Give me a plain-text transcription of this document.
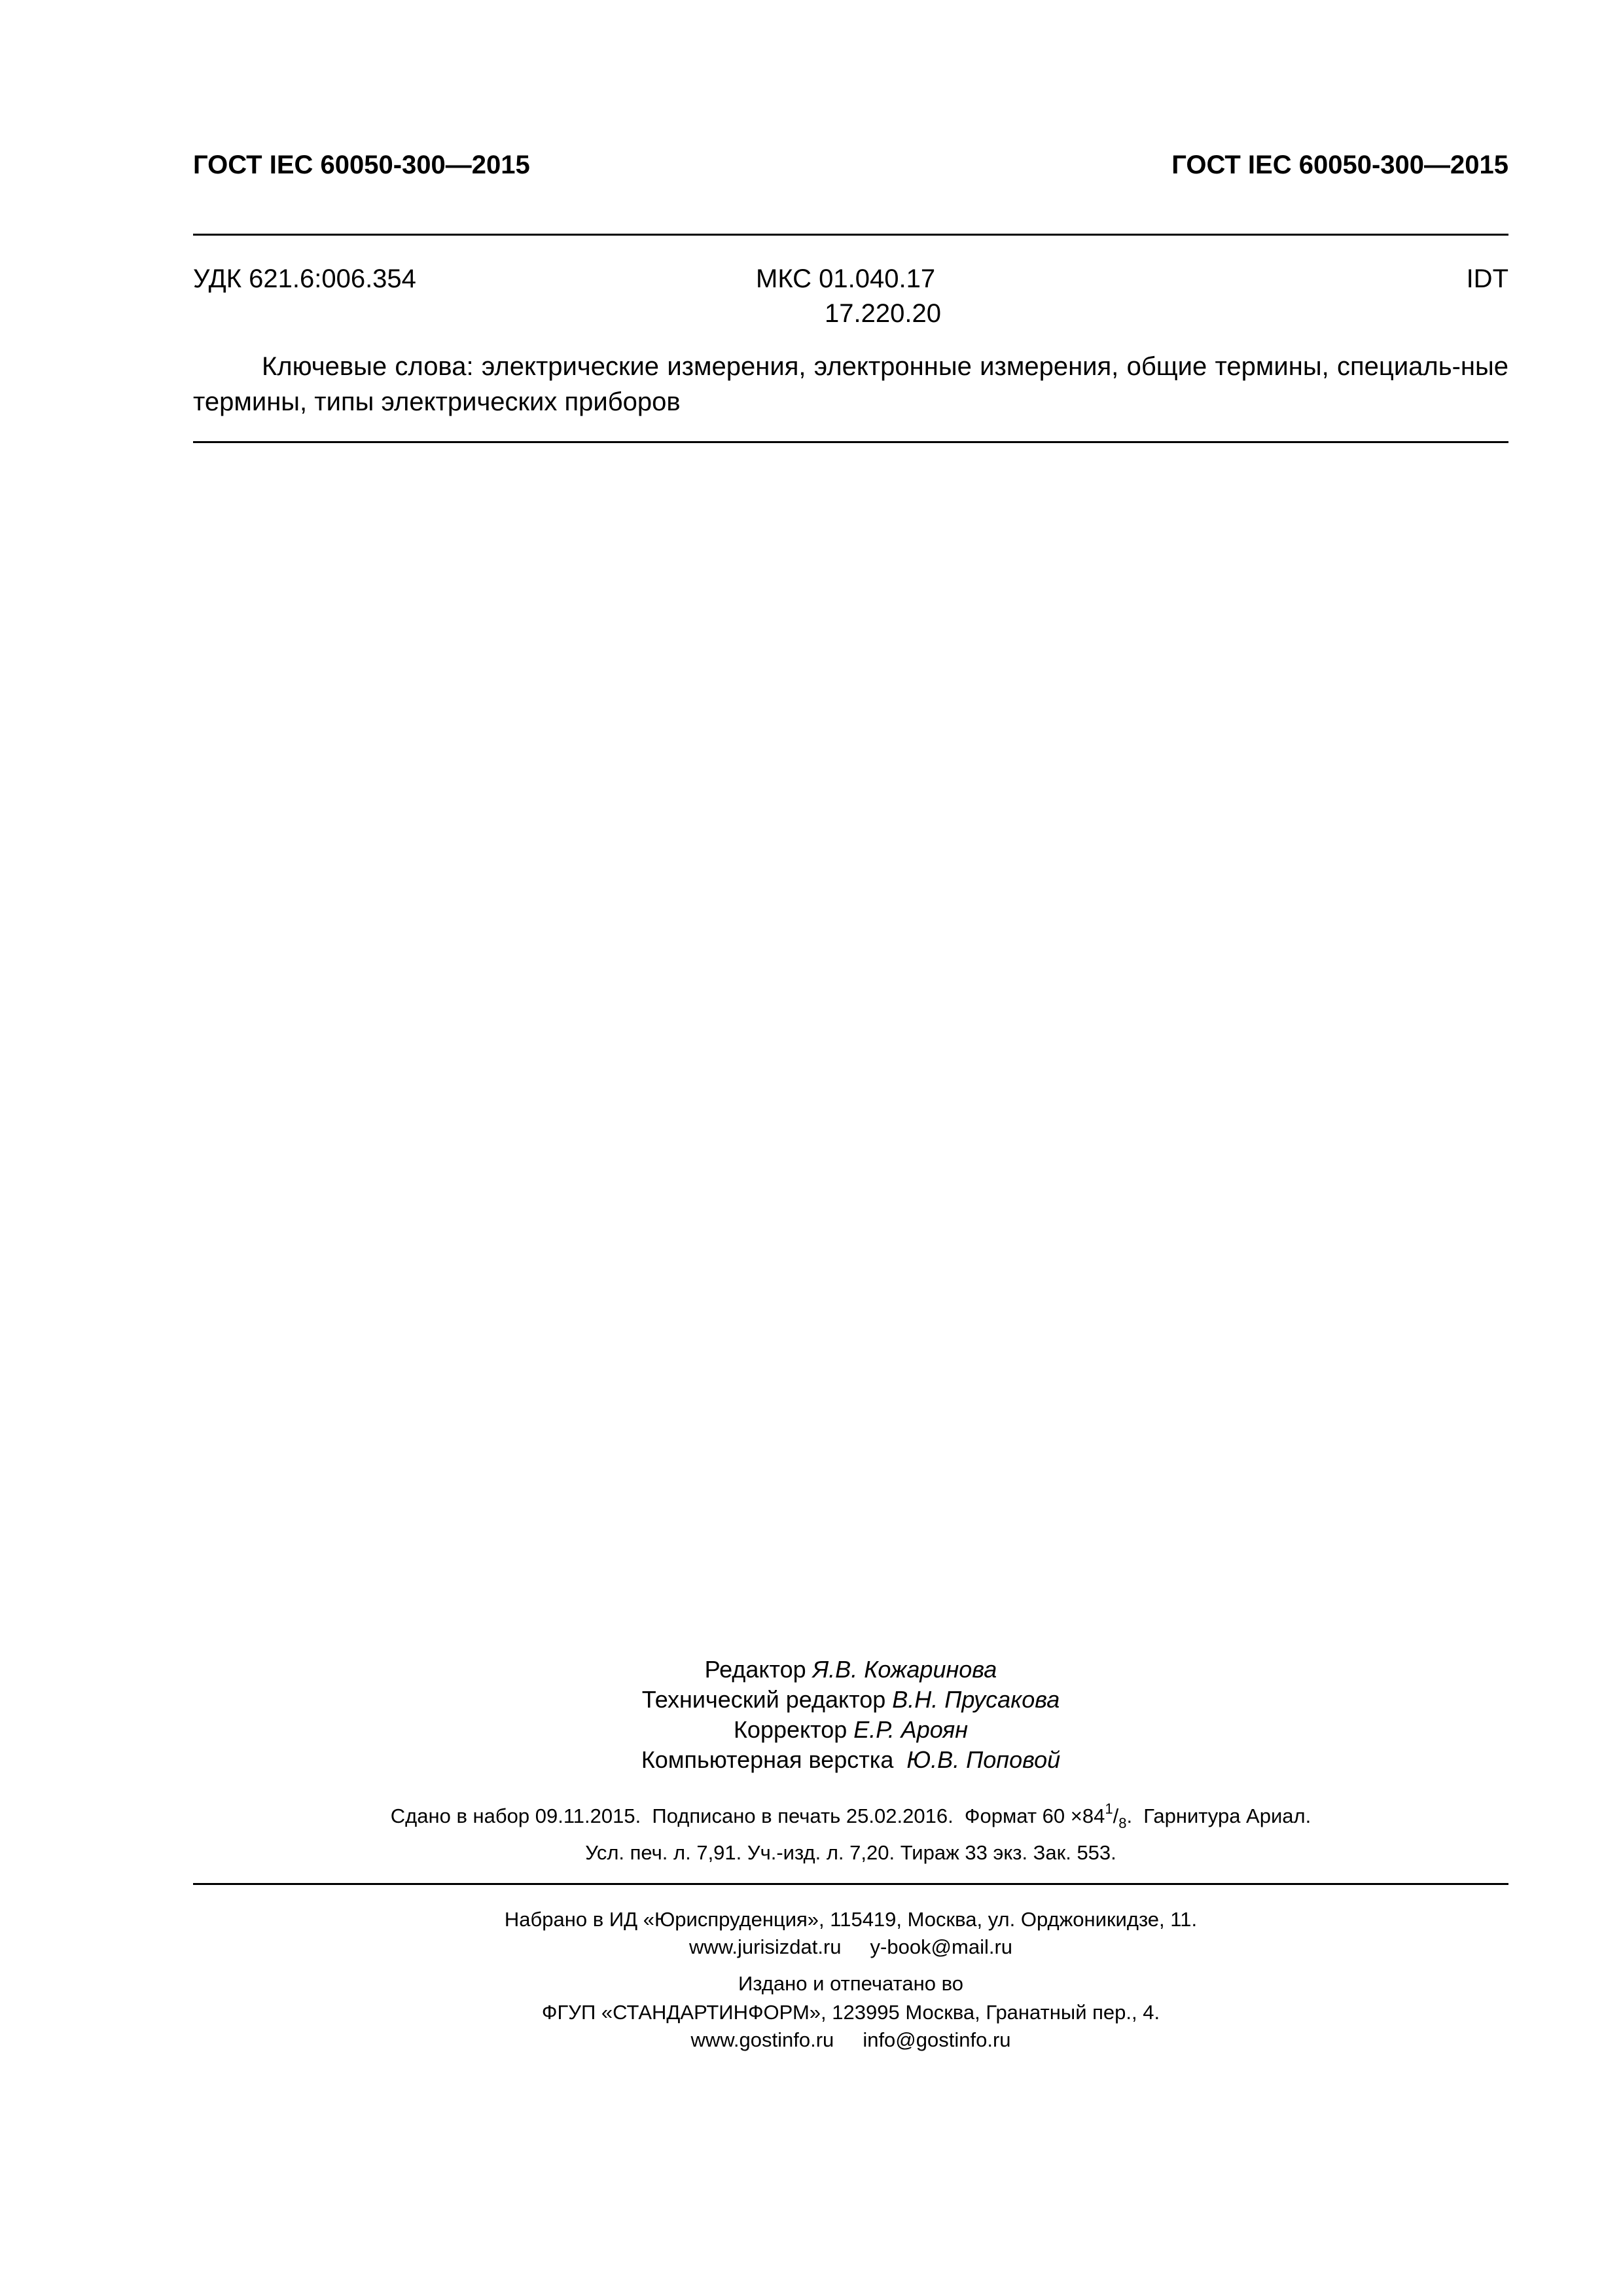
ГОСТ IEC 60050-300—2015	ГОСТ IEC 60050-300—2015
УДК 621.6:006.354	МКС 01.040.17
17.220.20
IDT
Ключевые слова: электрические измерения, электронные измерения, общие термины, специаль-ные термины, типы электрических приборов
Редактор Я.В. Кожаринова
Технический редактор В.Н. Прусакова
Корректор Е.Р. Ароян
Компьютерная верстка  Ю.В. Поповой
Сдано в набор 09.11.2015.  Подписано в печать 25.02.2016.  Формат $60 \times 84^1/_8$.  Гарнитура Ариал.
Усл. печ. л. 7,91. Уч.-изд. л. 7,20. Тираж 33 экз. Зак. 553.
Набрано в ИД «Юриспруденция», 115419, Москва, ул. Орджоникидзе, 11.
www.jurisizdat.ru y-book@mail.ru
Издано и отпечатано во
ФГУП «СТАНДАРТИНФОРМ», 123995 Москва, Гранатный пер., 4.
www.gostinfo.ru info@gostinfo.ru
